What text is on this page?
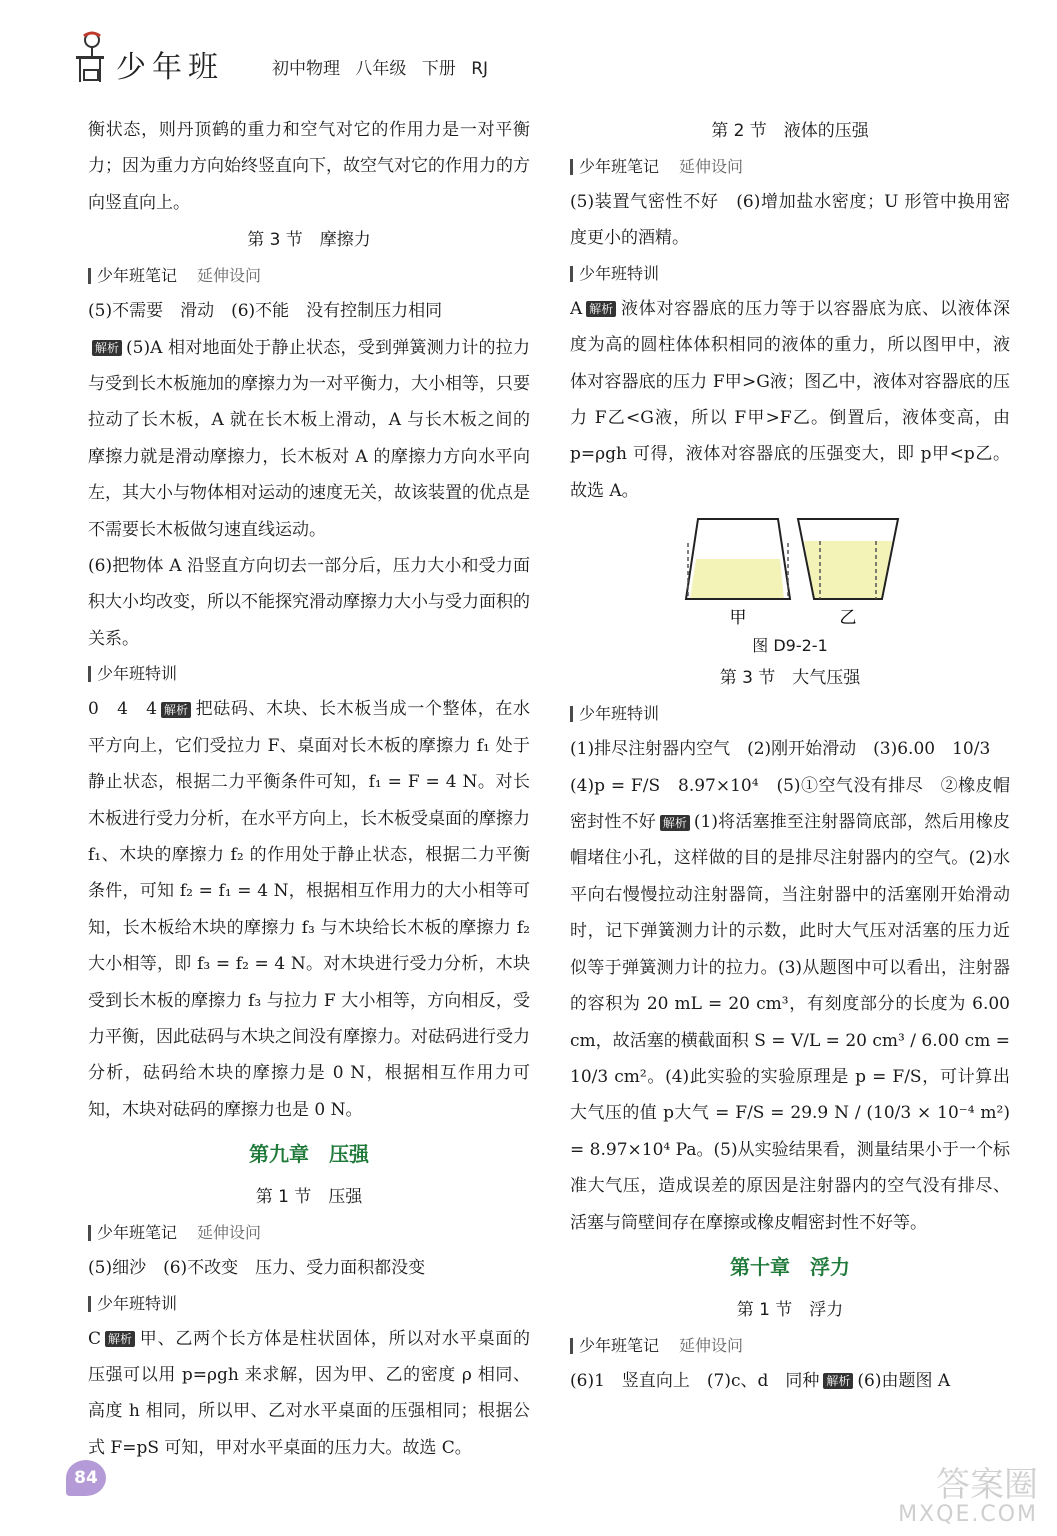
少年班	初中物理 八年级 下册 RJ

衡状态，则丹顶鹤的重力和空气对它的作用力是一对平衡力；因为重力方向始终竖直向下，故空气对它的作用力的方向竖直向上。

第 3 节　摩擦力

少年班笔记 延伸设问

(5)不需要　滑动　(6)不能　没有控制压力相同

解析 (5)A 相对地面处于静止状态，受到弹簧测力计的拉力与受到长木板施加的摩擦力为一对平衡力，大小相等，只要拉动了长木板，A 就在长木板上滑动，A 与长木板之间的摩擦力就是滑动摩擦力，长木板对 A 的摩擦力方向水平向左，其大小与物体相对运动的速度无关，故该装置的优点是不需要长木板做匀速直线运动。

(6)把物体 A 沿竖直方向切去一部分后，压力大小和受力面积大小均改变，所以不能探究滑动摩擦力大小与受力面积的关系。

少年班特训

0　4　4 解析 把砝码、木块、长木板当成一个整体，在水平方向上，它们受拉力 F、桌面对长木板的摩擦力 f₁ 处于静止状态，根据二力平衡条件可知，f₁ = F = 4 N。对长木板进行受力分析，在水平方向上，长木板受桌面的摩擦力 f₁、木块的摩擦力 f₂ 的作用处于静止状态，根据二力平衡条件，可知 f₂ = f₁ = 4 N，根据相互作用力的大小相等可知，长木板给木块的摩擦力 f₃ 与木块给长木板的摩擦力 f₂ 大小相等，即 f₃ = f₂ = 4 N。对木块进行受力分析，木块受到长木板的摩擦力 f₃ 与拉力 F 大小相等，方向相反，受力平衡，因此砝码与木块之间没有摩擦力。对砝码进行受力分析，砝码给木块的摩擦力是 0 N，根据相互作用力可知，木块对砝码的摩擦力也是 0 N。

第九章　压强

第 1 节　压强

少年班笔记 延伸设问

(5)细沙　(6)不改变　压力、受力面积都没变

少年班特训

C 解析 甲、乙两个长方体是柱状固体，所以对水平桌面的压强可以用 p=ρgh 来求解，因为甲、乙的密度 ρ 相同、高度 h 相同，所以甲、乙对水平桌面的压强相同；根据公式 F=pS 可知，甲对水平桌面的压力大。故选 C。

第 2 节　液体的压强

少年班笔记 延伸设问

(5)装置气密性不好　(6)增加盐水密度；U 形管中换用密度更小的酒精。

少年班特训

A 解析 液体对容器底的压力等于以容器底为底、以液体深度为高的圆柱体体积相同的液体的重力，所以图甲中，液体对容器底的压力 F甲>G液；图乙中，液体对容器底的压力 F乙<G液，所以 F甲>F乙。倒置后，液体变高，由 p=ρgh 可得，液体对容器底的压强变大，即 p甲<p乙。故选 A。

甲	乙

图 D9-2-1

第 3 节　大气压强

少年班特训

(1)排尽注射器内空气　(2)刚开始滑动　(3)6.00　10/3

(4)p = F/S　8.97×10⁴　(5)①空气没有排尽　②橡皮帽密封性不好 解析 (1)将活塞推至注射器筒底部，然后用橡皮帽堵住小孔，这样做的目的是排尽注射器内的空气。(2)水平向右慢慢拉动注射器筒，当注射器中的活塞刚开始滑动时，记下弹簧测力计的示数，此时大气压对活塞的压力近似等于弹簧测力计的拉力。(3)从题图中可以看出，注射器的容积为 20 mL = 20 cm³，有刻度部分的长度为 6.00 cm，故活塞的横截面积 S = V/L = 20 cm³ / 6.00 cm = 10/3 cm²。(4)此实验的实验原理是 p = F/S，可计算出大气压的值 p大气 = F/S = 29.9 N / (10/3 × 10⁻⁴ m²) = 8.97×10⁴ Pa。(5)从实验结果看，测量结果小于一个标准大气压，造成误差的原因是注射器内的空气没有排尽、活塞与筒壁间存在摩擦或橡皮帽密封性不好等。

第十章　浮力

第 1 节　浮力

少年班笔记 延伸设问

(6)1　竖直向上　(7)c、d　同种 解析 (6)由题图 A

84	答案圈
MXQE.COM
